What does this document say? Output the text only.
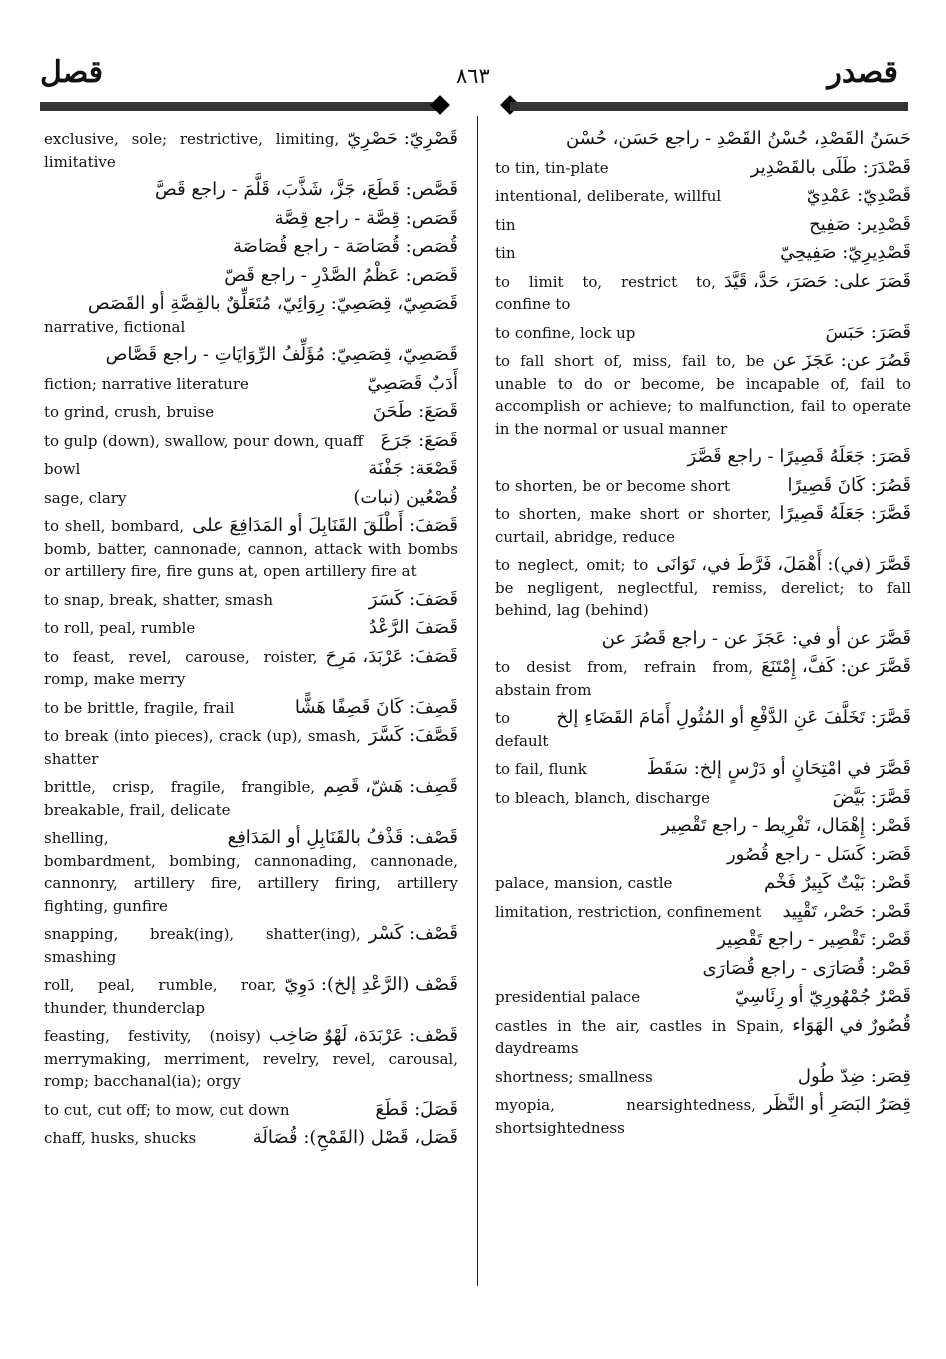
قصل	٨٦٣	قصدر
قَصْرِيّ: حَصْرِيّ
exclusive, sole; restrictive, limiting, limitative
قَصَّص: قَطَعَ، جَزَّ، شَذَّبَ، قَلَّمَ - راجع قَصَّ
قَصَص: قِصَّة - راجع قِصَّة
قُصَص: قُصَاصَة - راجع قُصَاصَة
قَصَص: عَظْمُ الصَّدْرِ - راجع قَصّ
قَصَصِيّ، قِصَصِيّ: رِوَائِيّ، مُتَعَلِّقٌ بالقِصَّةِ أو القَصَص
narrative, fictional
قَصَصِيّ، قِصَصِيّ: مُؤَلِّفُ الرِّوَايَاتِ - راجع قَصَّاص
أَدَبٌ قَصَصِيّ
fiction; narrative literature
قَصَعَ: طَحَنَ
to grind, crush, bruise
قَصَعَ: جَرَعَ
to gulp (down), swallow, pour down, quaff
قَصْعَة: جَفْنَة
bowl
قُصْعُين (نبات)
sage, clary
قَصَفَ: أَطْلَقَ القَنَابِلَ أو المَدَافِعَ على
to shell, bombard, bomb, batter, cannonade, cannon, attack with bombs or artillery fire, fire guns at, open artillery fire at
قَصَفَ: كَسَرَ
to snap, break, shatter, smash
قَصَفَ الرَّعْدُ
to roll, peal, rumble
قَصَفَ: عَرْبَدَ، مَرِحَ
to feast, revel, carouse, roister, romp, make merry
قَصِفَ: كَانَ قَصِفًا هَشًّا
to be brittle, fragile, frail
قَصَّفَ: كَسَّرَ
to break (into pieces), crack (up), smash, shatter
قَصِف: هَشّ، قَصِم
brittle, crisp, fragile, frangible, breakable, frail, delicate
قَصْف: قَذْفُ بالقَنَابِلِ أو المَدَافِع
shelling, bombardment, bombing, cannonading, cannonade, cannonry, artillery fire, artillery firing, artillery fighting, gunfire
قَصْف: كَسْر
snapping, break(ing), shatter(ing), smashing
قَصْف (الرَّعْدِ إلخ): دَوِيّ
roll, peal, rumble, roar, thunder, thunderclap
قَصْف: عَرْبَدَة، لَهْوٌ صَاخِب
feasting, festivity, (noisy) merrymaking, merriment, revelry, revel, carousal, romp; bacchanal(ia); orgy
قَصَلَ: قَطَعَ
to cut, cut off; to mow, cut down
قَصَل، قَصْل (القَمْحِ): قُصَالَة
chaff, husks, shucks
حَسَنُ القَصْدِ، حُسْنُ القَصْدِ - راجع حَسَن، حُسْن
قَصْدَرَ: طَلَى بالقَصْدِير
to tin, tin-plate
قَصْدِيّ: عَمْدِيّ
intentional, deliberate, willful
قَصْدِير: صَفِيح
tin
قَصْدِيرِيّ: صَفِيحِيّ
tin
قَصَرَ على: حَصَرَ، حَدَّ، قَيَّدَ
to limit to, restrict to, confine to
قَصَرَ: حَبَسَ
to confine, lock up
قَصُرَ عن: عَجَزَ عن
to fall short of, miss, fail to, be unable to do or become, be incapable of, fail to accomplish or achieve; to malfunction, fail to operate in the normal or usual manner
قَصَرَ: جَعَلَهُ قَصِيرًا - راجع قَصَّرَ
قَصُرَ: كَانَ قَصِيرًا
to shorten, be or become short
قَصَّرَ: جَعَلَهُ قَصِيرًا
to shorten, make short or shorter, curtail, abridge, reduce
قَصَّرَ (في): أَهْمَلَ، فَرَّطَ في، تَوَانَى
to neglect, omit; to be negligent, neglectful, remiss, derelict; to fall behind, lag (behind)
قَصَّرَ عن أو في: عَجَزَ عن - راجع قَصُرَ عن
قَصَّرَ عن: كَفَّ، إِمْتَنَعَ
to desist from, refrain from, abstain from
قَصَّرَ: تَخَلَّفَ عَنِ الدَّفْعِ أو المُثُولِ أَمَامَ القَضَاءِ إلخ
to default
قَصَّرَ في امْتِحَانٍ أو دَرْسٍ إلخ: سَقَطَ
to fail, flunk
قَصَّرَ: بَيَّضَ
to bleach, blanch, discharge
قَصْر: إِهْمَال، تَفْرِيط - راجع تَقْصِير
قَصَر: كَسَل - راجع قُصُور
قَصْر: بَيْتٌ كَبِيرٌ فَخْم
palace, mansion, castle
قَصْر: حَصْر، تَقْيِيد
limitation, restriction, confinement
قَصْر: تَقْصِير - راجع تَقْصِير
قَصْر: قُصَارَى - راجع قُصَارَى
قَصْرٌ جُمْهُورِيّ أو رِئَاسِيّ
presidential palace
قُصُورٌ في الهَوَاء
castles in the air, castles in Spain, daydreams
قِصَر: ضِدّ طُول
shortness; smallness
قِصَرُ البَصَرِ أو النَّظَر
myopia, nearsightedness, shortsightedness
